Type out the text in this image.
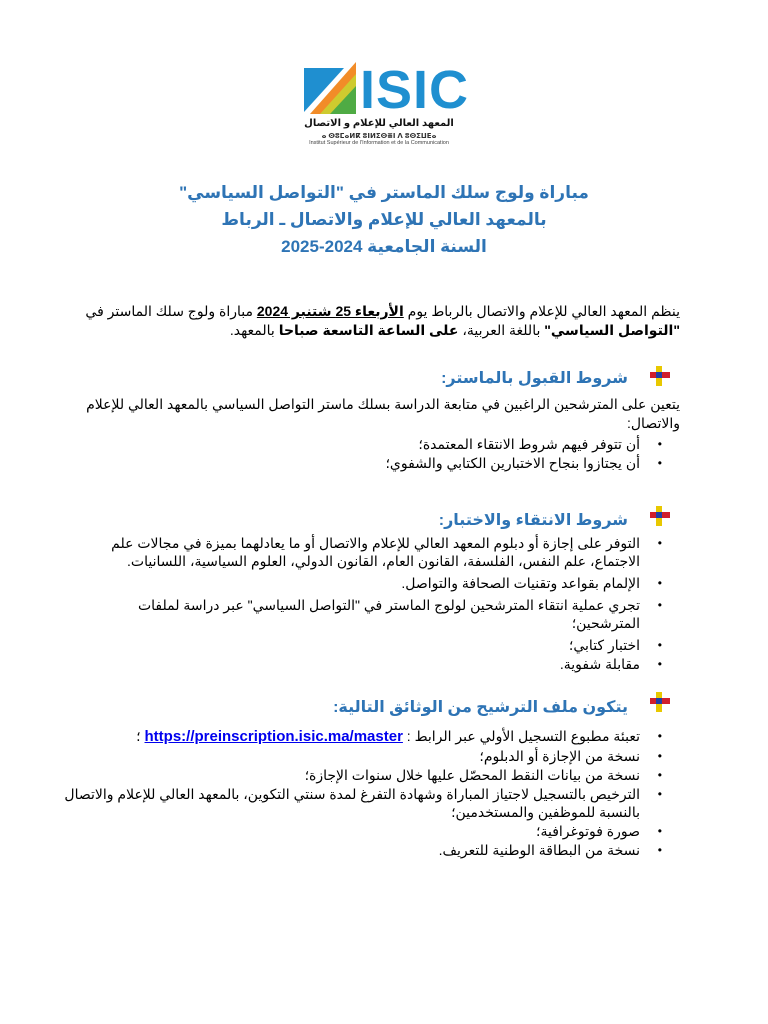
ISIC
المعهد العالي للإعلام و الاتصال
ⴰ ⵙⵓⵎⴰⵍⴽ ⵓⵏⵍⵉⵙⴻⵏ ⴷ ⵓⵙⵉⵡⴹⴰ
Institut Supérieur de l'Information et de la Communication
مباراة ولوج سلك الماستر في "التواصل السياسي"
بالمعهد العالي للإعلام والاتصال ـ الرباط
السنة الجامعية 2024-2025
ينظم المعهد العالي للإعلام والاتصال بالرباط يوم الأربعاء 25 شتنبر 2024 مباراة ولوج سلك الماستر في "التواصل السياسي" باللغة العربية، على الساعة التاسعة صباحا بالمعهد.
شروط القبول بالماستر:
يتعين على المترشحين الراغبين في متابعة الدراسة بسلك ماستر التواصل السياسي بالمعهد العالي للإعلام والاتصال:
• أن تتوفر فيهم شروط الانتقاء المعتمدة؛
• أن يجتازوا بنجاح الاختبارين الكتابي والشفوي؛
شروط الانتقاء والاختبار:
• التوفر على إجازة أو دبلوم المعهد العالي للإعلام والاتصال أو ما يعادلهما بميزة في مجالات علم الاجتماع، علم النفس، الفلسفة، القانون العام، القانون الدولي، العلوم السياسية، اللسانيات.
• الإلمام بقواعد وتقنيات الصحافة والتواصل.
• تجري عملية انتقاء المترشحين لولوج الماستر في "التواصل السياسي" عبر دراسة لملفات المترشحين؛
• اختبار كتابي؛
• مقابلة شفوية.
يتكون ملف الترشيح من الوثائق التالية:
• تعبئة مطبوع التسجيل الأولي عبر الرابط : https://preinscription.isic.ma/master ؛
• نسخة من الإجازة أو الدبلوم؛
• نسخة من بيانات النقط المحصّل عليها خلال سنوات الإجازة؛
• الترخيص بالتسجيل لاجتياز المباراة وشهادة التفرغ لمدة سنتي التكوين، بالمعهد العالي للإعلام والاتصال بالنسبة للموظفين والمستخدمين؛
• صورة فوتوغرافية؛
• نسخة من البطاقة الوطنية للتعريف.
